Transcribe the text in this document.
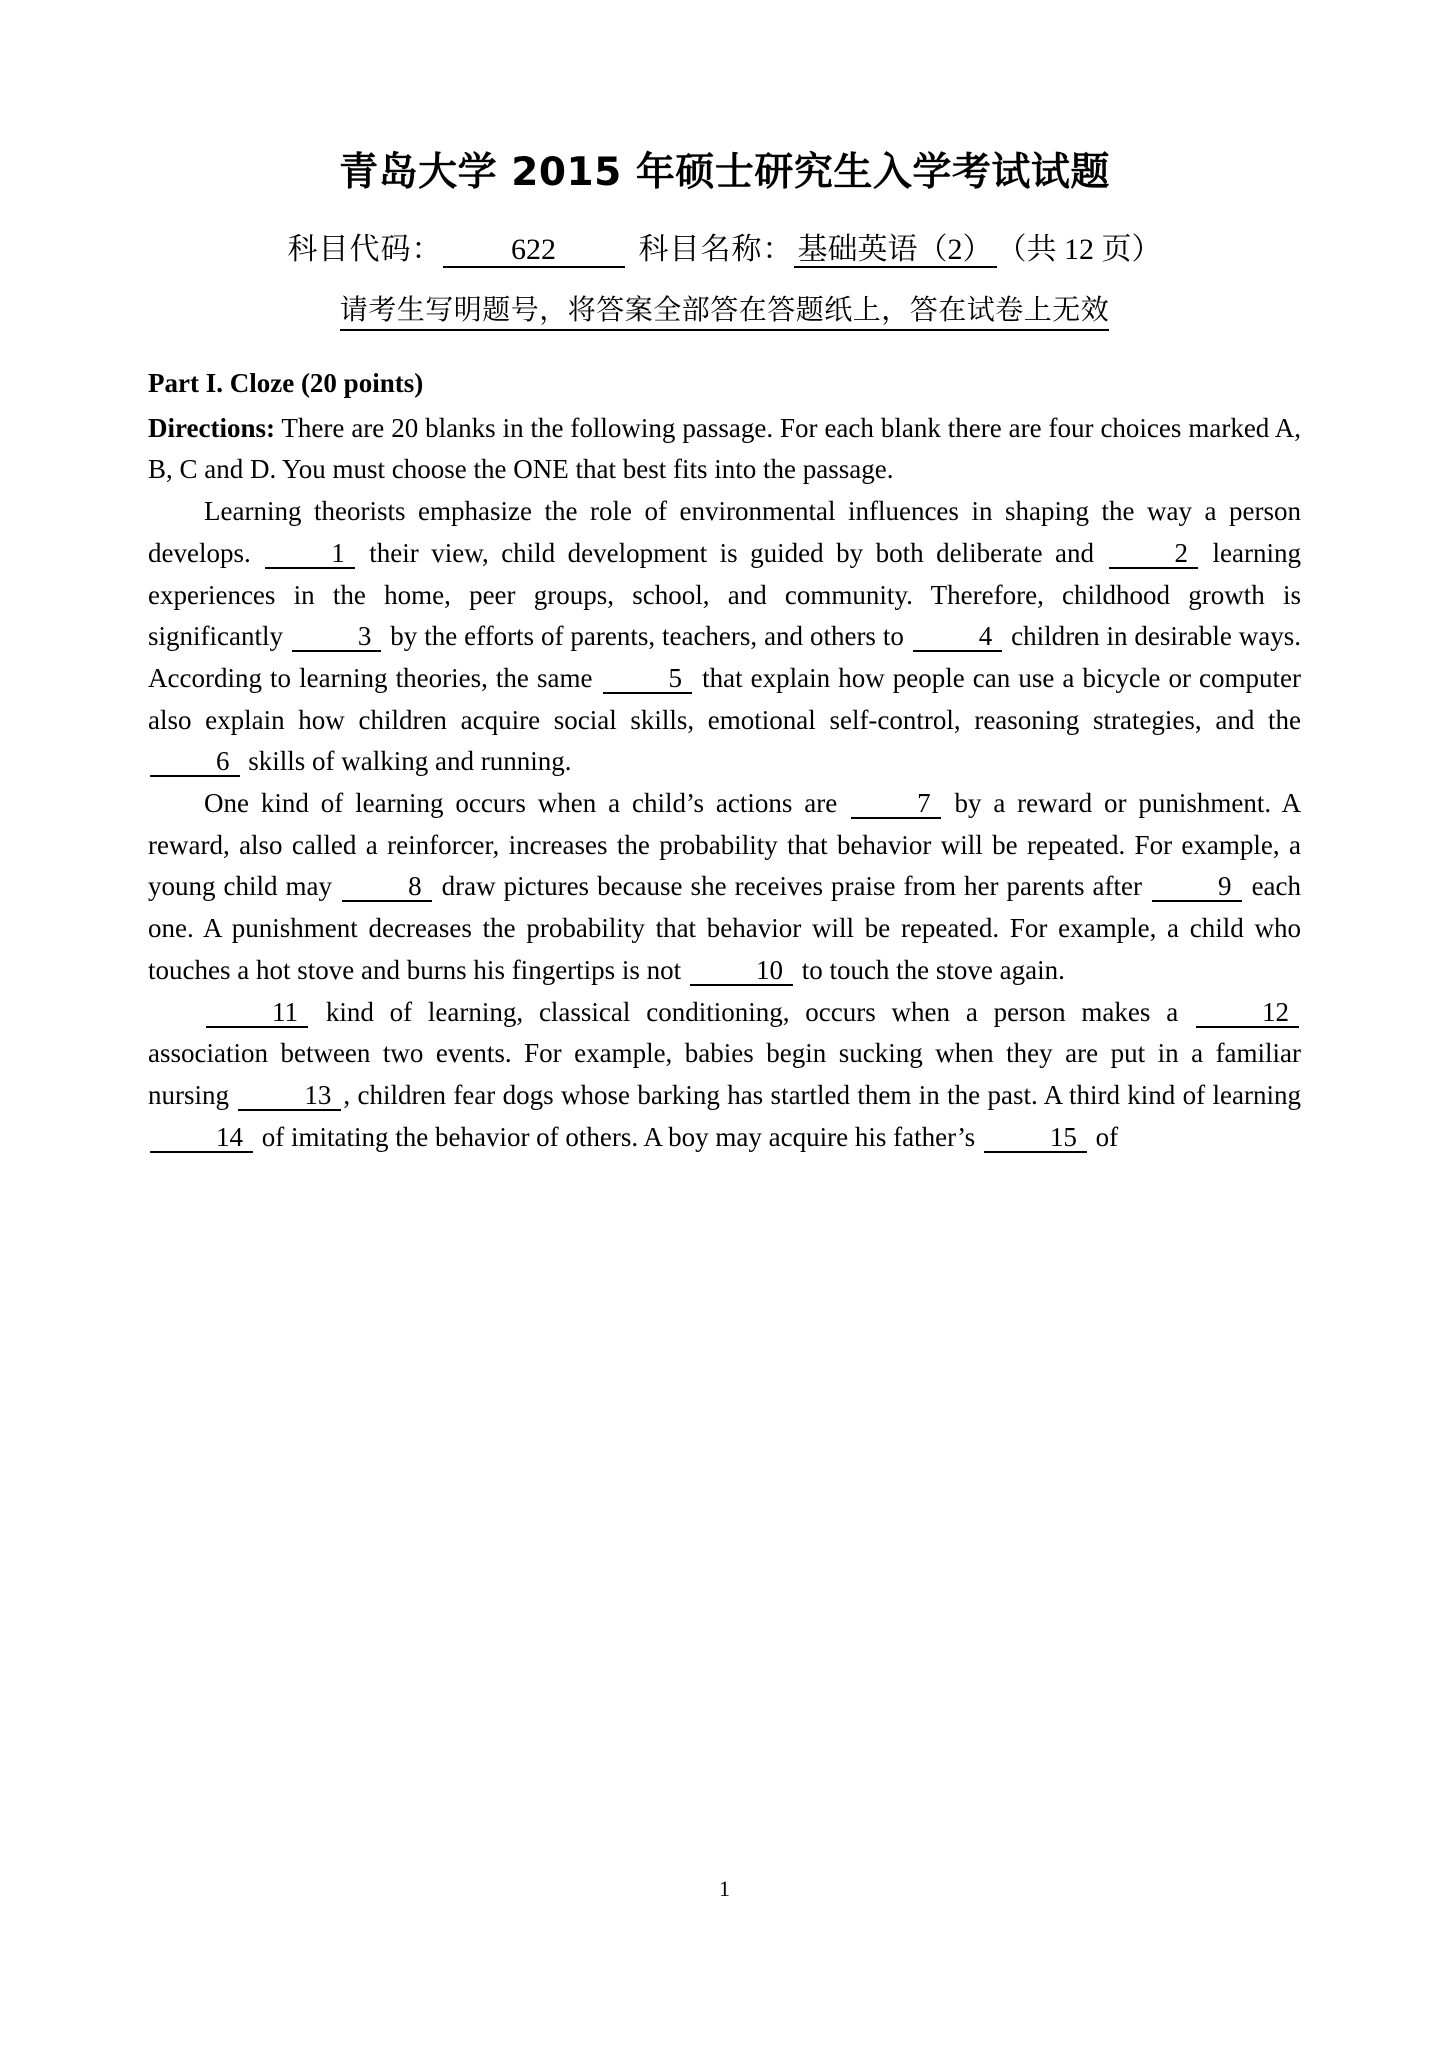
青岛大学 2015 年硕士研究生入学考试试题
科目代码： 622	科目名称： 基础英语（2） （共 12 页）
请考生写明题号，将答案全部答在答题纸上，答在试卷上无效
Part I. Cloze (20 points)

Directions: There are 20 blanks in the following passage. For each blank there are four choices marked A, B, C and D. You must choose the ONE that best fits into the passage.

Learning theorists emphasize the role of environmental influences in shaping the way a person develops.	1 their view, child development is guided by both deliberate and	2 learning experiences in the home, peer groups, school, and community. Therefore, childhood growth is significantly	3 by the efforts of parents, teachers, and others to	4 children in desirable ways. According to learning theories, the same	5 that explain how people can use a bicycle or computer also explain how children acquire social skills, emotional self-control, reasoning strategies, and the 6 skills of walking and running.

One kind of learning occurs when a child’s actions are	7 by a reward or punishment. A reward, also called a reinforcer, increases the probability that behavior will be repeated. For example, a young child may	8 draw pictures because she receives praise from her parents after	9 each one. A punishment decreases the probability that behavior will be repeated. For example, a child who touches a hot stove and burns his fingertips is not	10 to touch the stove again.

11 kind of learning, classical conditioning, occurs when a person makes a	12 association between two events. For example, babies begin sucking when they are put in a familiar nursing	13 , children fear dogs whose barking has startled them in the past. A third kind of learning 14 of imitating the behavior of others. A boy may acquire his father’s	15 of

1
